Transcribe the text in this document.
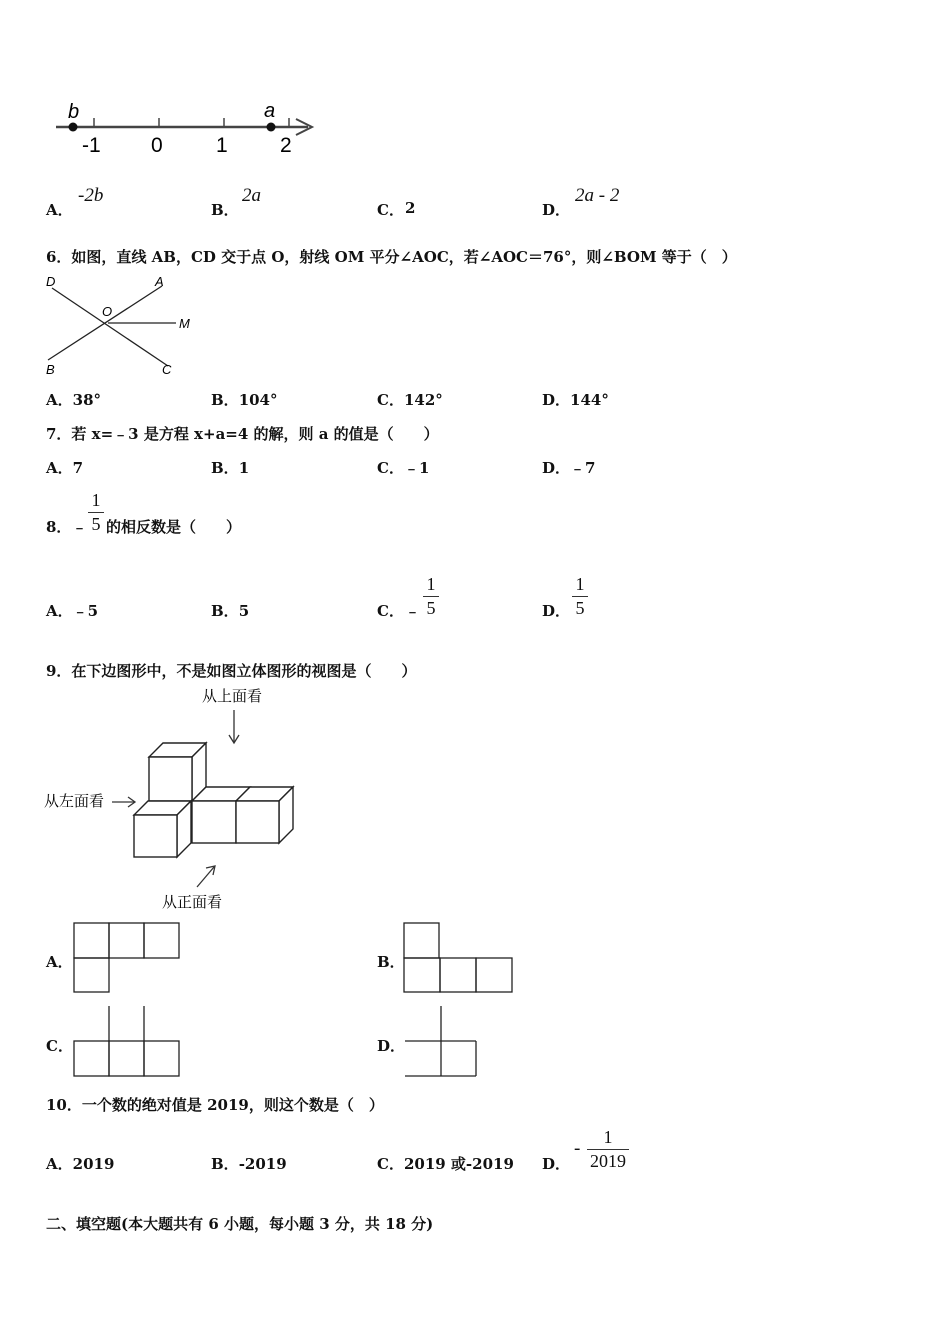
b	a
-1 0	1 2
A．
-2b
B．
2a
C． 2	D．
2a - 2
6．如图，直线 AB，CD 交于点 O，射线 OM 平分∠AOC，若∠AOC＝76°，则∠BOM 等于（　）
D	A
O
M
B	C
A．38°	B．104°	C．142°	D．144°
7．若 x=﹣3 是方程 x+a=4 的解，则 a 的值是（　　）
A．7	B．1	C．﹣1	D．﹣7
8． ﹣
1
5 的相反数是（　　）
A．﹣5	B．5	C． ﹣
1
5	D．
1
5
9．在下边图形中，不是如图立体图形的视图是（　　）
从上面看
从左面看
从正面看
A．	B．
C．	D．
10．一个数的绝对值是 2019，则这个数是（　）
A．2019	B．-2019	C．2019 或-2019 D．
-
1
2019
二、填空题(本大题共有 6 小题，每小题 3 分，共 18 分)
